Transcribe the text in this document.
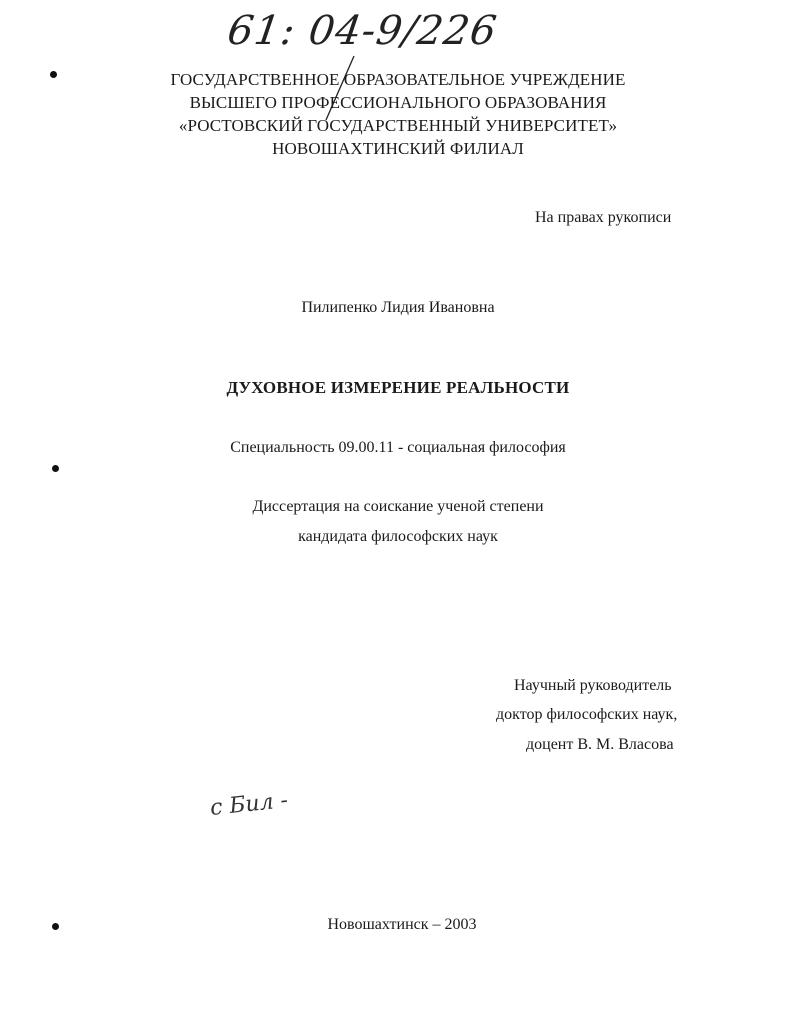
61: 04-9/226
ГОСУДАРСТВЕННОЕ ОБРАЗОВАТЕЛЬНОЕ УЧРЕЖДЕНИЕ
ВЫСШЕГО ПРОФЕССИОНАЛЬНОГО ОБРАЗОВАНИЯ
«РОСТОВСКИЙ ГОСУДАРСТВЕННЫЙ УНИВЕРСИТЕТ»
НОВОШАХТИНСКИЙ ФИЛИАЛ
На правах рукописи
Пилипенко Лидия Ивановна
ДУХОВНОЕ ИЗМЕРЕНИЕ РЕАЛЬНОСТИ
Специальность 09.00.11 - социальная философия
Диссертация на соискание ученой степени
кандидата философских наук
Научный руководитель
доктор философских наук,
доцент В. М. Власова
с Бил -
Новошахтинск – 2003
